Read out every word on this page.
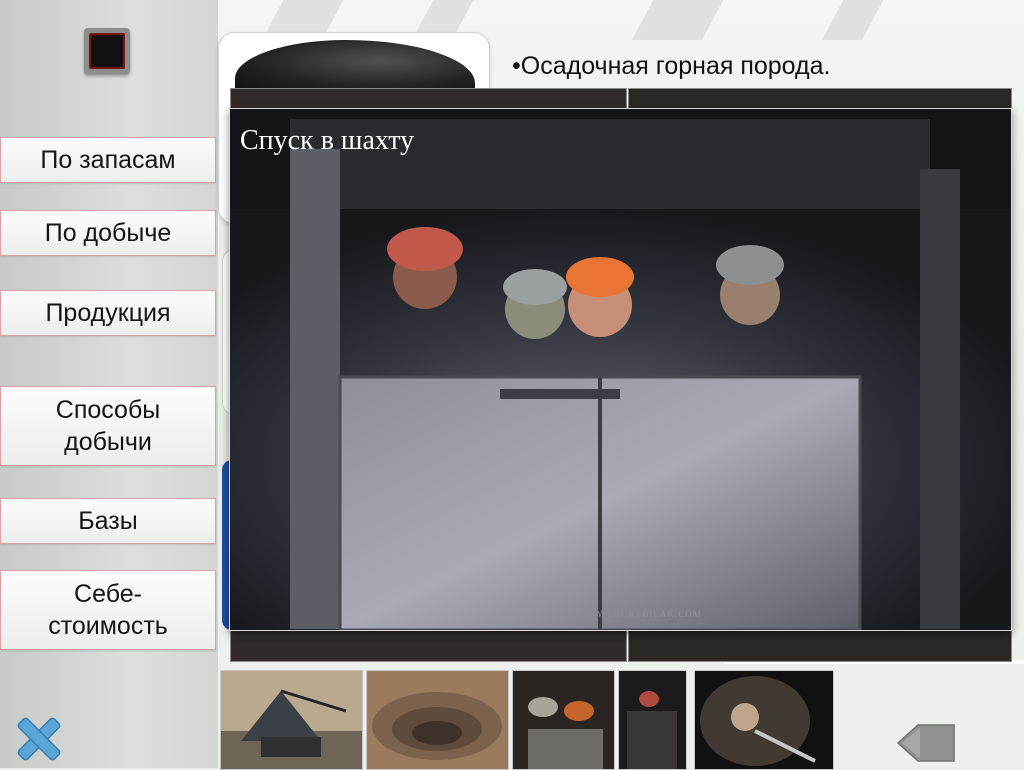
По запасам
По добыче
Продукция
Способы
добычи
Базы
Себе-
стоимость
•Осадочная горная порода.
Спуск в шахту
WWW.YOURYBILAK.COM
